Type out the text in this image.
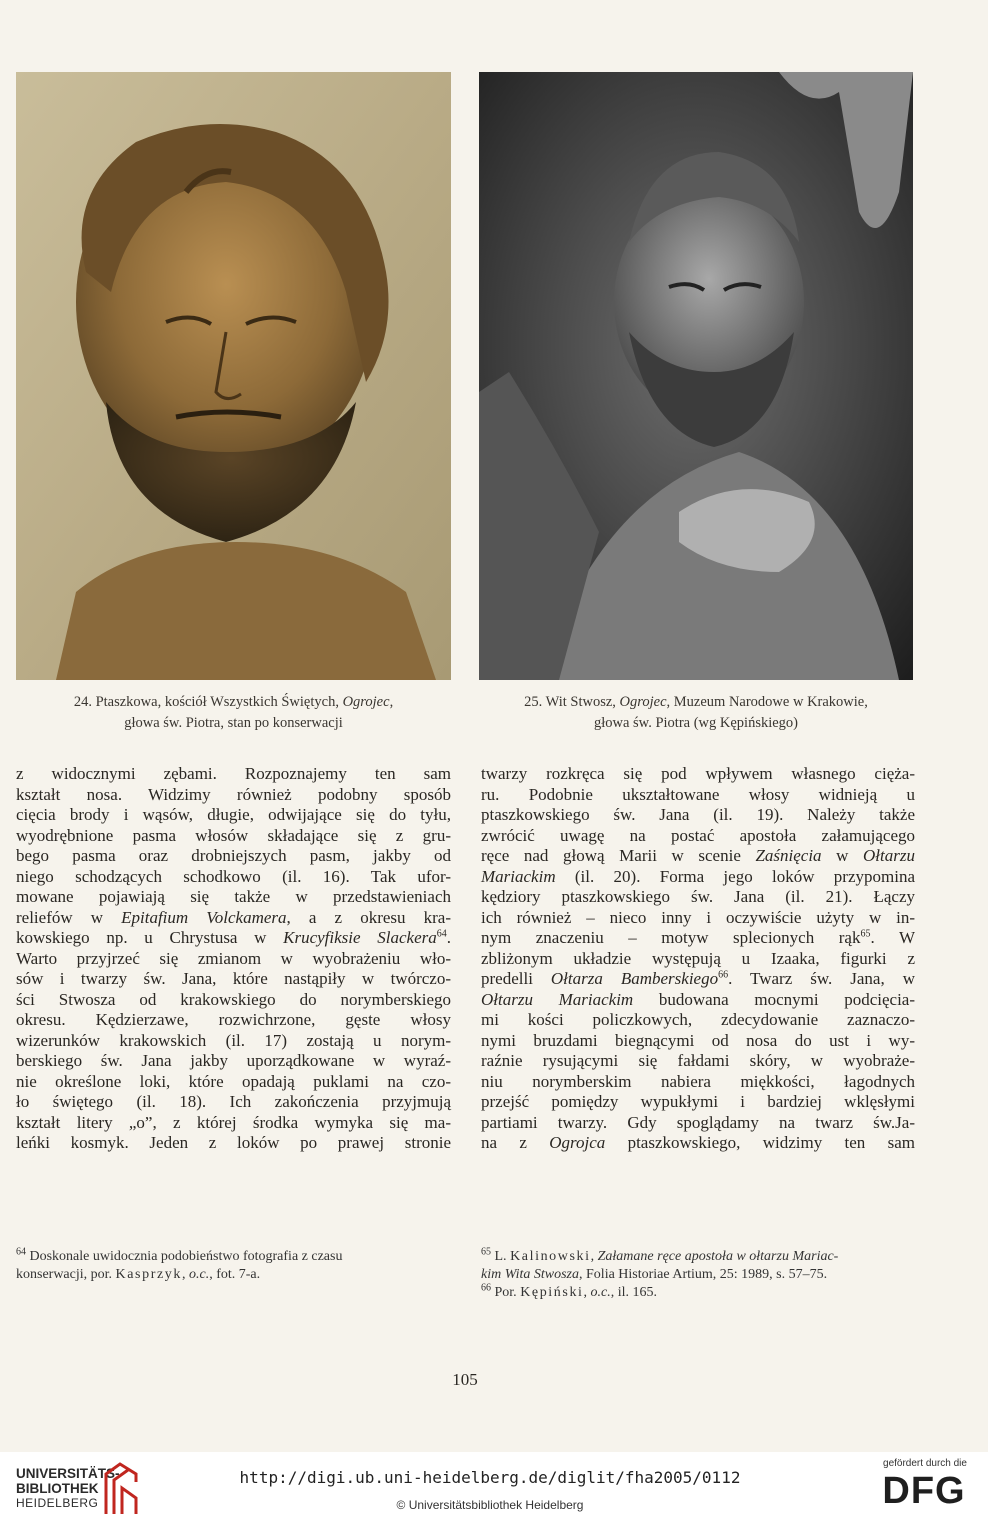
24. Ptaszkowa, kościół Wszystkich Świętych, Ogrojec,
głowa św. Piotra, stan po konserwacji
25. Wit Stwosz, Ogrojec, Muzeum Narodowe w Krakowie,
głowa św. Piotra (wg Kępińskiego)
z widocznymi zębami. Rozpoznajemy ten sam
kształt nosa. Widzimy również podobny sposób
cięcia brody i wąsów, długie, odwijające się do tyłu,
wyodrębnione pasma włosów składające się z gru-
bego pasma oraz drobniejszych pasm, jakby od
niego schodzących schodkowo (il. 16). Tak ufor-
mowane pojawiają się także w przedstawieniach
reliefów w Epitafium Volckamera, a z okresu kra-
kowskiego np. u Chrystusa w Krucyfiksie Slackera$^{64}$.
Warto przyjrzeć się zmianom w wyobrażeniu wło-
sów i twarzy św. Jana, które nastąpiły w twórczo-
ści Stwosza od krakowskiego do norymberskiego
okresu. Kędzierzawe, rozwichrzone, gęste włosy
wizerunków krakowskich (il. 17) zostają u norym-
berskiego św. Jana jakby uporządkowane w wyraź-
nie określone loki, które opadają puklami na czo-
ło świętego (il. 18). Ich zakończenia przyjmują
kształt litery „o”, z której środka wymyka się ma-
leńki kosmyk. Jeden z loków po prawej stronie
twarzy rozkręca się pod wpływem własnego cięża-
ru. Podobnie ukształtowane włosy widnieją u
ptaszkowskiego św. Jana (il. 19). Należy także
zwrócić uwagę na postać apostoła załamującego
ręce nad głową Marii w scenie Zaśnięcia w Ołtarzu
Mariackim (il. 20). Forma jego loków przypomina
kędziory ptaszkowskiego św. Jana (il. 21). Łączy
ich również – nieco inny i oczywiście użyty w in-
nym znaczeniu – motyw splecionych rąk$^{65}$. W
zbliżonym układzie występują u Izaaka, figurki z
predelli Ołtarza Bamberskiego$^{66}$. Twarz św. Jana, w
Ołtarzu Mariackim budowana mocnymi podcięcia-
mi kości policzkowych, zdecydowanie zaznaczo-
nymi bruzdami biegnącymi od nosa do ust i wy-
raźnie rysującymi się fałdami skóry, w wyobraże-
niu norymberskim nabiera miękkości, łagodnych
przejść pomiędzy wypukłymi i bardziej wklęsłymi
partiami twarzy. Gdy spoglądamy na twarz św.Ja-
na z Ogrojca ptaszkowskiego, widzimy ten sam
$^{64}$ Doskonale uwidocznia podobieństwo fotografia z czasu
konserwacji, por. Kasprzyk, o.c., fot. 7-a.
$^{65}$ L. Kalinowski, Załamane ręce apostoła w ołtarzu Mariac-
kim Wita Stwosza, Folia Historiae Artium, 25: 1989, s. 57–75.
$^{66}$ Por. Kępiński, o.c., il. 165.
105
UNIVERSITÄTS-
BIBLIOTHEK
HEIDELBERG
http://digi.ub.uni-heidelberg.de/diglit/fha2005/0112
© Universitätsbibliothek Heidelberg
gefördert durch die
DFG
